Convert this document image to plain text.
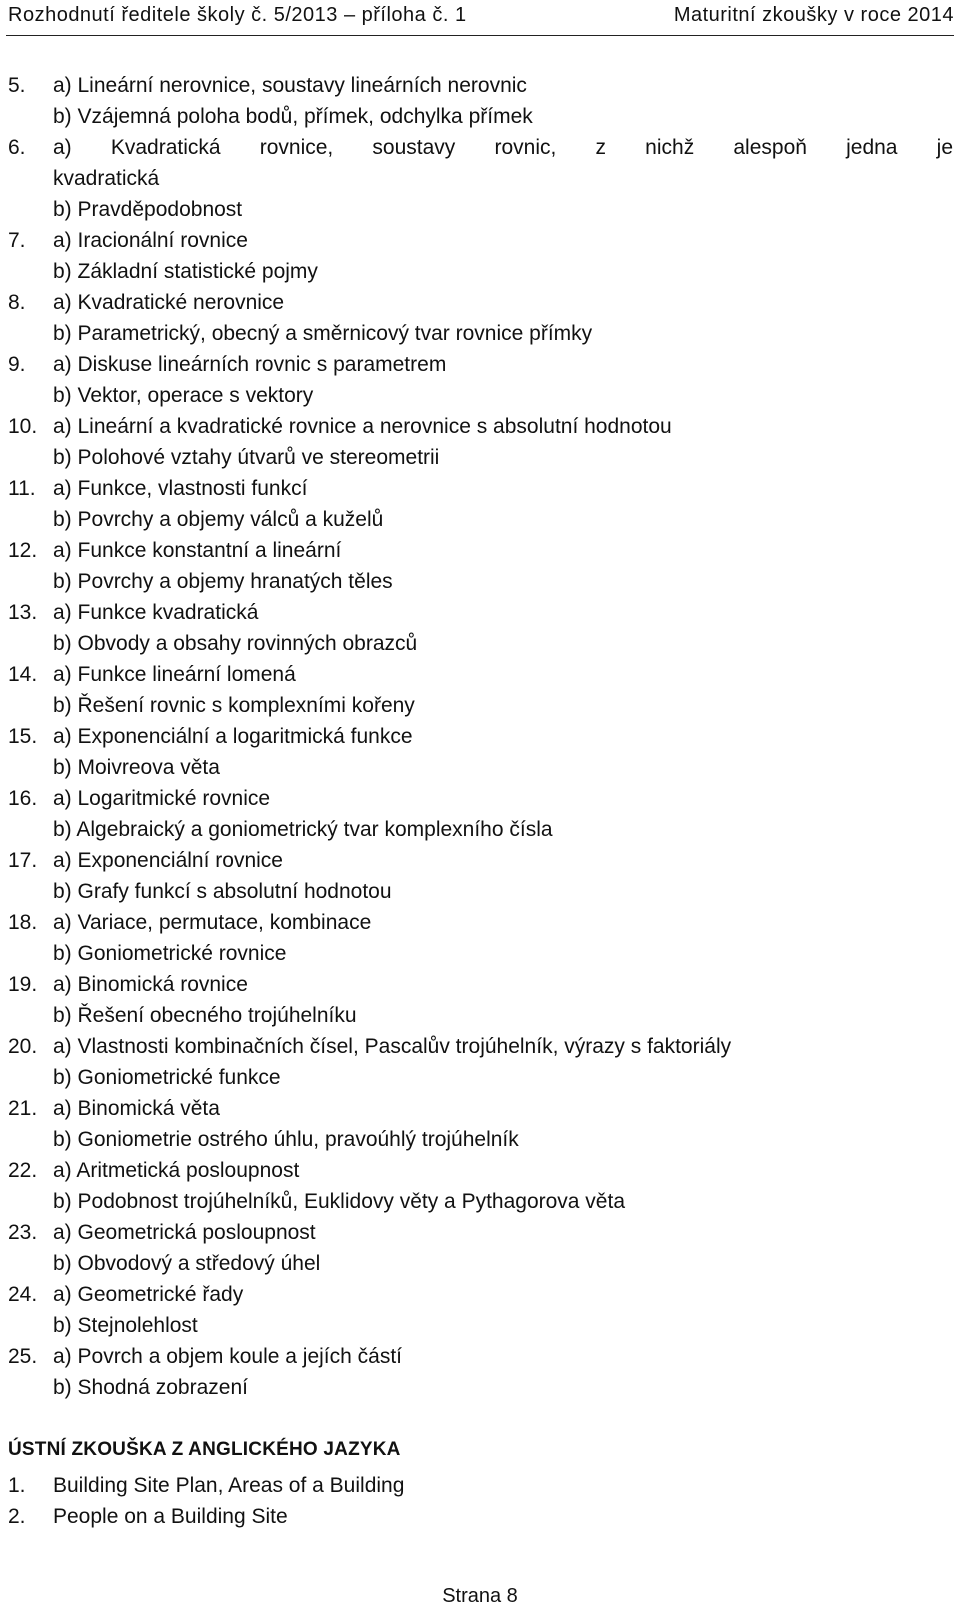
Rozhodnutí ředitele školy č. 5/2013 – příloha č. 1	Maturitní zkoušky v roce 2014
5.	a) Lineární nerovnice, soustavy lineárních nerovnic
b) Vzájemná poloha bodů, přímek, odchylka přímek
6.	a) Kvadratická rovnice, soustavy rovnic, z nichž alespoň jedna je
kvadratická
b) Pravděpodobnost
7.	a) Iracionální rovnice
b) Základní statistické pojmy
8.	a) Kvadratické nerovnice
b) Parametrický, obecný a směrnicový tvar rovnice přímky
9.	a) Diskuse lineárních rovnic s parametrem
b) Vektor, operace s vektory
10. a) Lineární a kvadratické rovnice a nerovnice s absolutní hodnotou
b) Polohové vztahy útvarů ve stereometrii
11. a) Funkce, vlastnosti funkcí
b) Povrchy a objemy válců a kuželů
12. a) Funkce konstantní a lineární
b) Povrchy a objemy hranatých těles
13. a) Funkce kvadratická
b) Obvody a obsahy rovinných obrazců
14. a) Funkce lineární lomená
b) Řešení rovnic s komplexními kořeny
15. a) Exponenciální a logaritmická funkce
b) Moivreova věta
16. a) Logaritmické rovnice
b) Algebraický a goniometrický tvar komplexního čísla
17. a) Exponenciální rovnice
b) Grafy funkcí s absolutní hodnotou
18. a) Variace, permutace, kombinace
b) Goniometrické rovnice
19. a) Binomická rovnice
b) Řešení obecného trojúhelníku
20. a) Vlastnosti kombinačních čísel, Pascalův trojúhelník, výrazy s faktoriály
b) Goniometrické funkce
21. a) Binomická věta
b) Goniometrie ostrého úhlu, pravoúhlý trojúhelník
22. a) Aritmetická posloupnost
b) Podobnost trojúhelníků, Euklidovy věty a Pythagorova věta
23. a) Geometrická posloupnost
b) Obvodový a středový úhel
24. a) Geometrické řady
b) Stejnolehlost
25. a) Povrch a objem koule a jejích částí
b) Shodná zobrazení
ÚSTNÍ ZKOUŠKA Z ANGLICKÉHO JAZYKA
1.	Building Site Plan, Areas of a Building
2.	People on a Building Site
Strana 8
